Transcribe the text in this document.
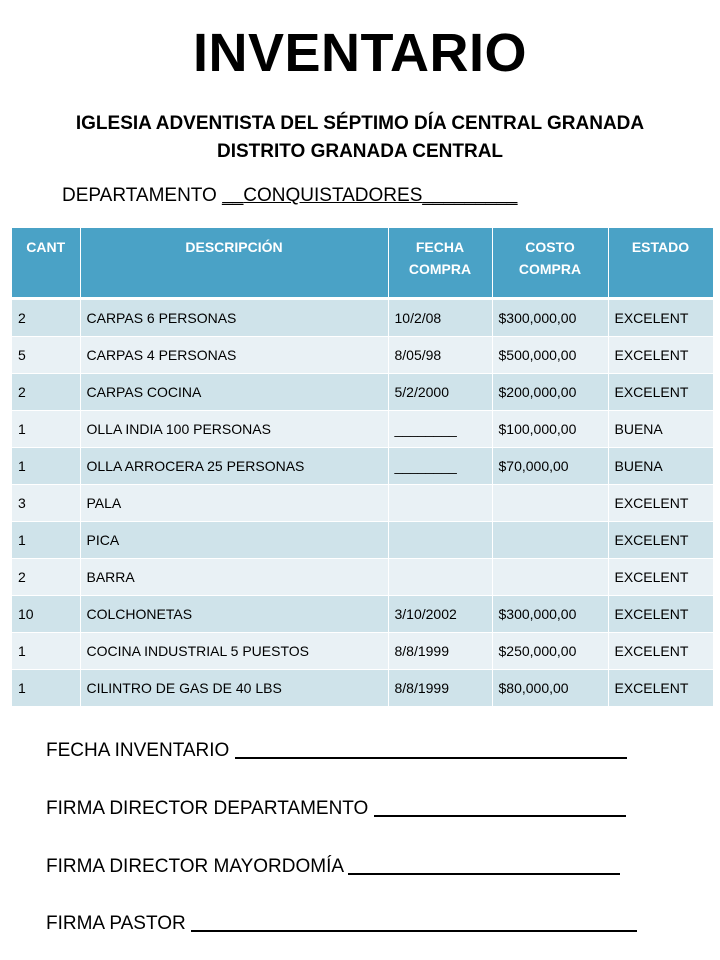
INVENTARIO
IGLESIA ADVENTISTA DEL SÉPTIMO DÍA CENTRAL GRANADA
DISTRITO GRANADA CENTRAL
DEPARTAMENTO __CONQUISTADORES_________
CANT	DESCRIPCIÓN	FECHA COMPRA	COSTO COMPRA	ESTADO
2	CARPAS 6 PERSONAS	10/2/08	$300,000,00	EXCELENT
5	CARPAS 4 PERSONAS	8/05/98	$500,000,00	EXCELENT
2	CARPAS COCINA	5/2/2000	$200,000,00	EXCELENT
1	OLLA INDIA 100 PERSONAS	________	$100,000,00	BUENA
1	OLLA ARROCERA 25 PERSONAS	________	$70,000,00	BUENA
3	PALA			EXCELENT
1	PICA			EXCELENT
2	BARRA			EXCELENT
10	COLCHONETAS	3/10/2002	$300,000,00	EXCELENT
1	COCINA INDUSTRIAL 5 PUESTOS	8/8/1999	$250,000,00	EXCELENT
1	CILINTRO DE GAS DE 40 LBS	8/8/1999	$80,000,00	EXCELENT
FECHA INVENTARIO
FIRMA DIRECTOR DEPARTAMENTO
FIRMA DIRECTOR MAYORDOMÍA
FIRMA PASTOR
